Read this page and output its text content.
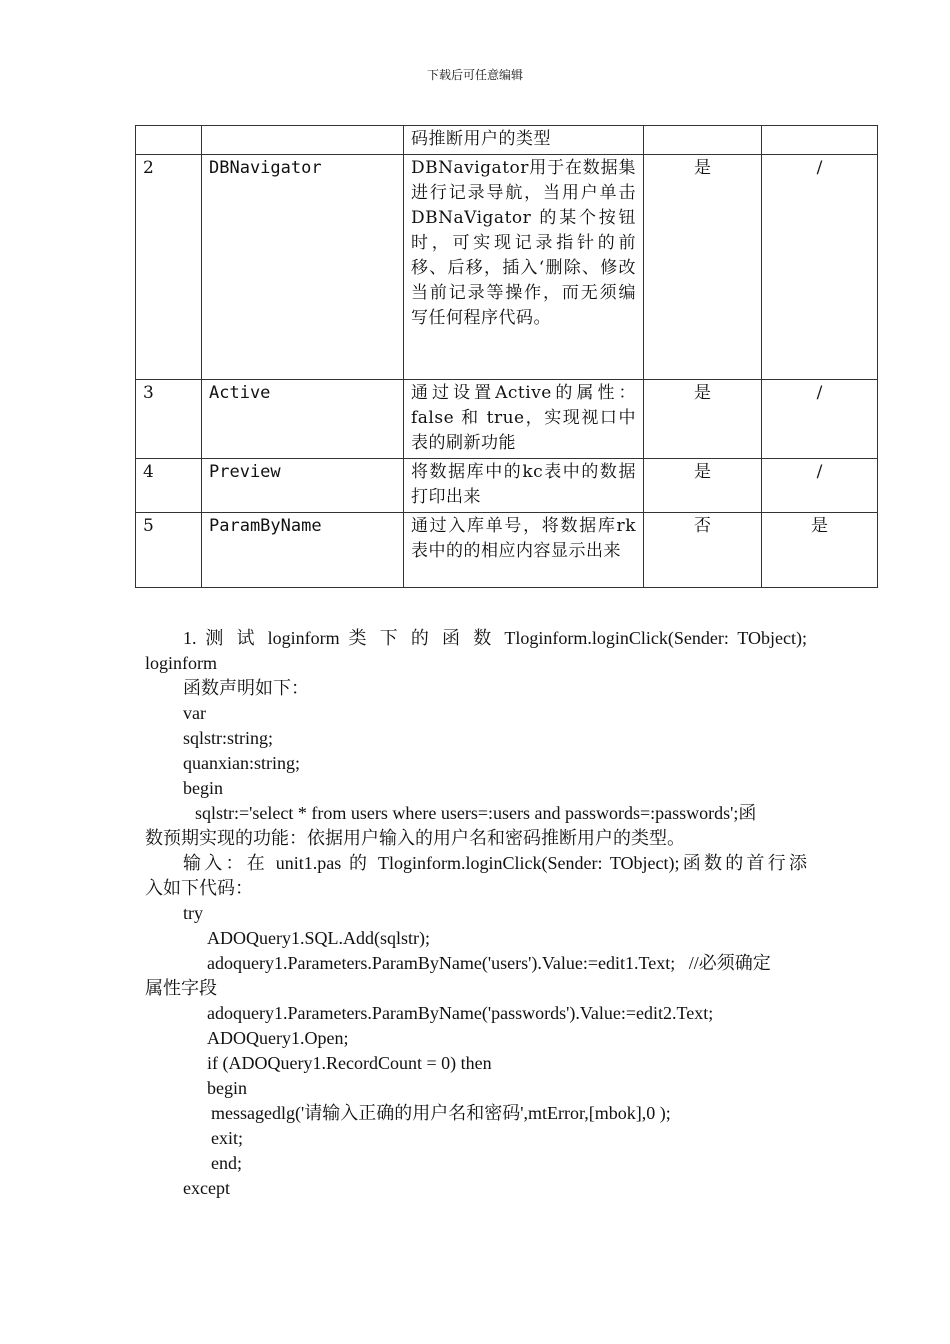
下载后可任意编辑
		码推断用户的类型		
2	DBNavigator	DBNavigator用于在数据集进行记录导航，当用户单击 DBNaVigator 的某个按钮时，可实现记录指针的前移、后移，插入‘删除、修改当前记录等操作，而无须编写任何程序代码。	是	/
3	Active	通过设置Active的属性：false 和 true，实现视口中表的刷新功能	是	/
4	Preview	将数据库中的kc表中的数据打印出来	是	/
5	ParamByName	通过入库单号，将数据库rk表中的的相应内容显示出来	否	是
1. 测 试 loginform 类 下 的 函 数 Tloginform.loginClick(Sender: TObject);
loginform
函数声明如下：
var
sqlstr:string;
quanxian:string;
begin
sqlstr:='select * from users where users=:users and passwords=:passwords';函
数预期实现的功能：依据用户输入的用户名和密码推断用户的类型。
输入：在 unit1.pas 的 Tloginform.loginClick(Sender: TObject);函数的首行添
入如下代码：
try
ADOQuery1.SQL.Add(sqlstr);
adoquery1.Parameters.ParamByName('users').Value:=edit1.Text;   //必须确定
属性字段
adoquery1.Parameters.ParamByName('passwords').Value:=edit2.Text;
ADOQuery1.Open;
if (ADOQuery1.RecordCount = 0) then
begin
messagedlg('请输入正确的用户名和密码',mtError,[mbok],0 );
exit;
end;
except
